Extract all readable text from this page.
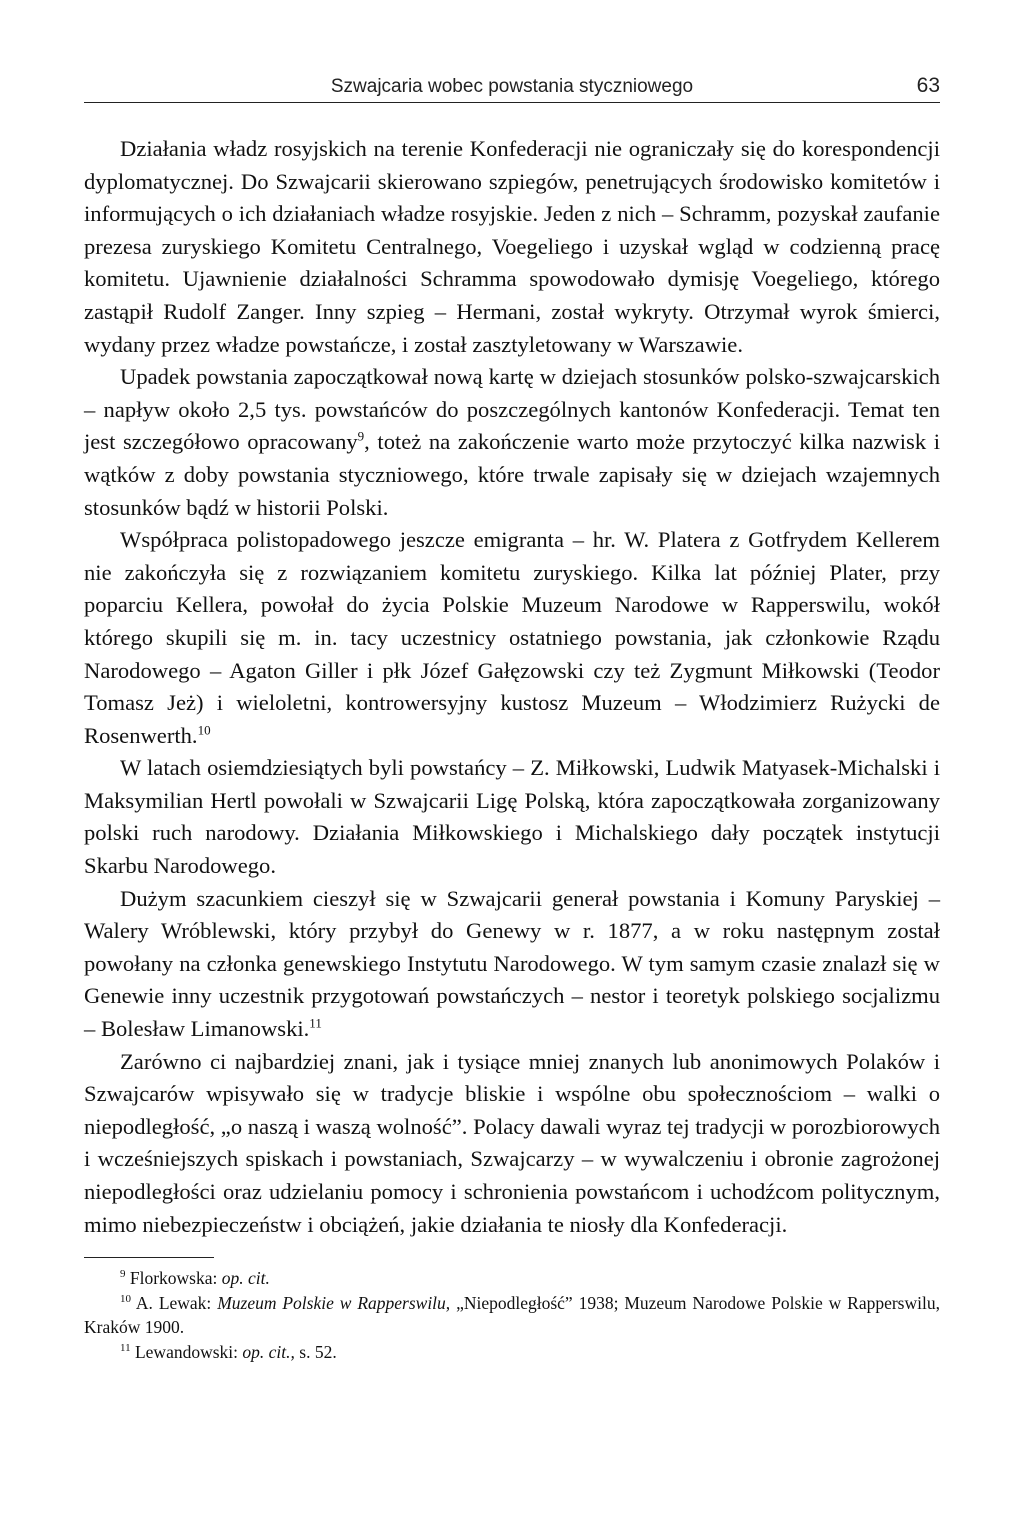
Szwajcaria wobec powstania styczniowego	63

Działania władz rosyjskich na terenie Konfederacji nie ograniczały się do korespondencji dyplomatycznej. Do Szwajcarii skierowano szpiegów, penetrujących środowisko komitetów i informujących o ich działaniach władze rosyjskie. Jeden z nich – Schramm, pozyskał zaufanie prezesa zuryskiego Komitetu Centralnego, Voegeliego i uzyskał wgląd w codzienną pracę komitetu. Ujawnienie działalności Schramma spowodowało dymisję Voegeliego, którego zastąpił Rudolf Zanger. Inny szpieg – Hermani, został wykryty. Otrzymał wyrok śmierci, wydany przez władze powstańcze, i został zasztyletowany w Warszawie.

Upadek powstania zapoczątkował nową kartę w dziejach stosunków polsko-szwajcarskich – napływ około 2,5 tys. powstańców do poszczególnych kantonów Konfederacji. Temat ten jest szczegółowo opracowany$^9$, toteż na zakończenie warto może przytoczyć kilka nazwisk i wątków z doby powstania styczniowego, które trwale zapisały się w dziejach wzajemnych stosunków bądź w historii Polski.

Współpraca polistopadowego jeszcze emigranta – hr. W. Platera z Gotfrydem Kellerem nie zakończyła się z rozwiązaniem komitetu zuryskiego. Kilka lat później Plater, przy poparciu Kellera, powołał do życia Polskie Muzeum Narodowe w Rapperswilu, wokół którego skupili się m. in. tacy uczestnicy ostatniego powstania, jak członkowie Rządu Narodowego – Agaton Giller i płk Józef Gałęzowski czy też Zygmunt Miłkowski (Teodor Tomasz Jeż) i wieloletni, kontrowersyjny kustosz Muzeum – Włodzimierz Rużycki de Rosenwerth.$^{10}$

W latach osiemdziesiątych byli powstańcy – Z. Miłkowski, Ludwik Matyasek-Michalski i Maksymilian Hertl powołali w Szwajcarii Ligę Polską, która zapoczątkowała zorganizowany polski ruch narodowy. Działania Miłkowskiego i Michalskiego dały początek instytucji Skarbu Narodowego.

Dużym szacunkiem cieszył się w Szwajcarii generał powstania i Komuny Paryskiej – Walery Wróblewski, który przybył do Genewy w r. 1877, a w roku następnym został powołany na członka genewskiego Instytutu Narodowego. W tym samym czasie znalazł się w Genewie inny uczestnik przygotowań powstańczych – nestor i teoretyk polskiego socjalizmu – Bolesław Limanowski.$^{11}$

Zarówno ci najbardziej znani, jak i tysiące mniej znanych lub anonimowych Polaków i Szwajcarów wpisywało się w tradycje bliskie i wspólne obu społecznościom – walki o niepodległość, „o naszą i waszą wolność”. Polacy dawali wyraz tej tradycji w porozbiorowych i wcześniejszych spiskach i powstaniach, Szwajcarzy – w wywalczeniu i obronie zagrożonej niepodległości oraz udzielaniu pomocy i schronienia powstańcom i uchodźcom politycznym, mimo niebezpieczeństw i obciążeń, jakie działania te niosły dla Konfederacji.

$^9$ Florkowska: op. cit.

$^{10}$ A. Lewak: Muzeum Polskie w Rapperswilu, „Niepodległość” 1938; Muzeum Narodowe Polskie w Rapperswilu, Kraków 1900.

$^{11}$ Lewandowski: op. cit., s. 52.
